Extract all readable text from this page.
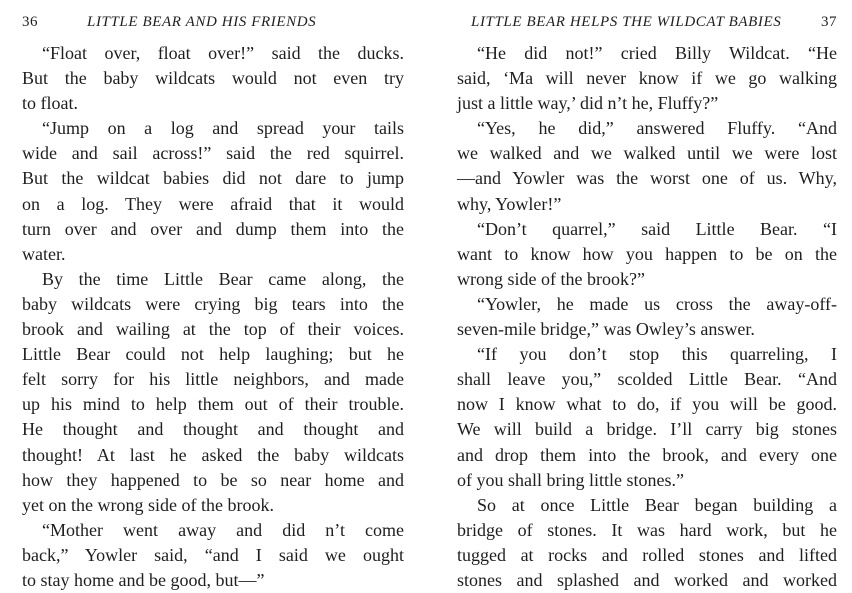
36	LITTLE BEAR AND HIS FRIENDS
“Float over, float over!” said the ducks.
But the baby wildcats would not even try
to float.
“Jump on a log and spread your tails
wide and sail across!” said the red squirrel.
But the wildcat babies did not dare to jump
on a log. They were afraid that it would
turn over and over and dump them into the
water.
By the time Little Bear came along, the
baby wildcats were crying big tears into the
brook and wailing at the top of their voices.
Little Bear could not help laughing; but he
felt sorry for his little neighbors, and made
up his mind to help them out of their trouble.
He thought and thought and thought and
thought! At last he asked the baby wildcats
how they happened to be so near home and
yet on the wrong side of the brook.
“Mother went away and did n’t come
back,” Yowler said, “and I said we ought
to stay home and be good, but—”
LITTLE BEAR HELPS THE WILDCAT BABIES	37
“He did not!” cried Billy Wildcat. “He
said, ‘Ma will never know if we go walking
just a little way,’ did n’t he, Fluffy?”
“Yes, he did,” answered Fluffy. “And
we walked and we walked until we were lost
—and Yowler was the worst one of us. Why,
why, Yowler!”
“Don’t quarrel,” said Little Bear. “I
want to know how you happen to be on the
wrong side of the brook?”
“Yowler, he made us cross the away-off-
seven-mile bridge,” was Owley’s answer.
“If you don’t stop this quarreling, I
shall leave you,” scolded Little Bear. “And
now I know what to do, if you will be good.
We will build a bridge. I’ll carry big stones
and drop them into the brook, and every one
of you shall bring little stones.”
So at once Little Bear began building a
bridge of stones. It was hard work, but he
tugged at rocks and rolled stones and lifted
stones and splashed and worked and worked
